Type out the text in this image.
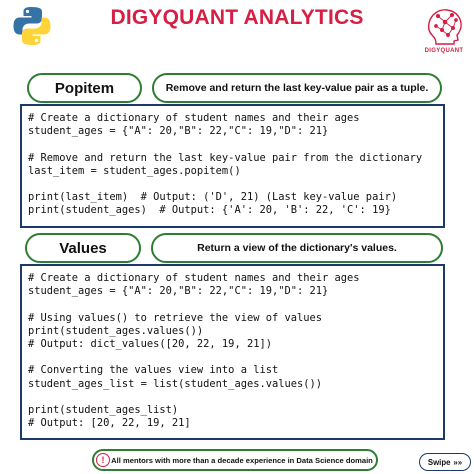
DIGYQUANT ANALYTICS
DIGYQUANT
Popitem	Remove and return the last key-value pair as a tuple.
# Create a dictionary of student names and their ages
student_ages = {"A": 20,"B": 22,"C": 19,"D": 21}

# Remove and return the last key-value pair from the dictionary
last_item = student_ages.popitem()

print(last_item)  # Output: ('D', 21) (Last key-value pair)
print(student_ages)  # Output: {'A': 20, 'B': 22, 'C': 19}
Values	Return a view of the dictionary's values.
# Create a dictionary of student names and their ages
student_ages = {"A": 20,"B": 22,"C": 19,"D": 21}

# Using values() to retrieve the view of values
print(student_ages.values())
# Output: dict_values([20, 22, 19, 21])

# Converting the values view into a list
student_ages_list = list(student_ages.values())

print(student_ages_list)
# Output: [20, 22, 19, 21]
All mentors with more than a decade experience in Data Science domain
!	Swipe »»
